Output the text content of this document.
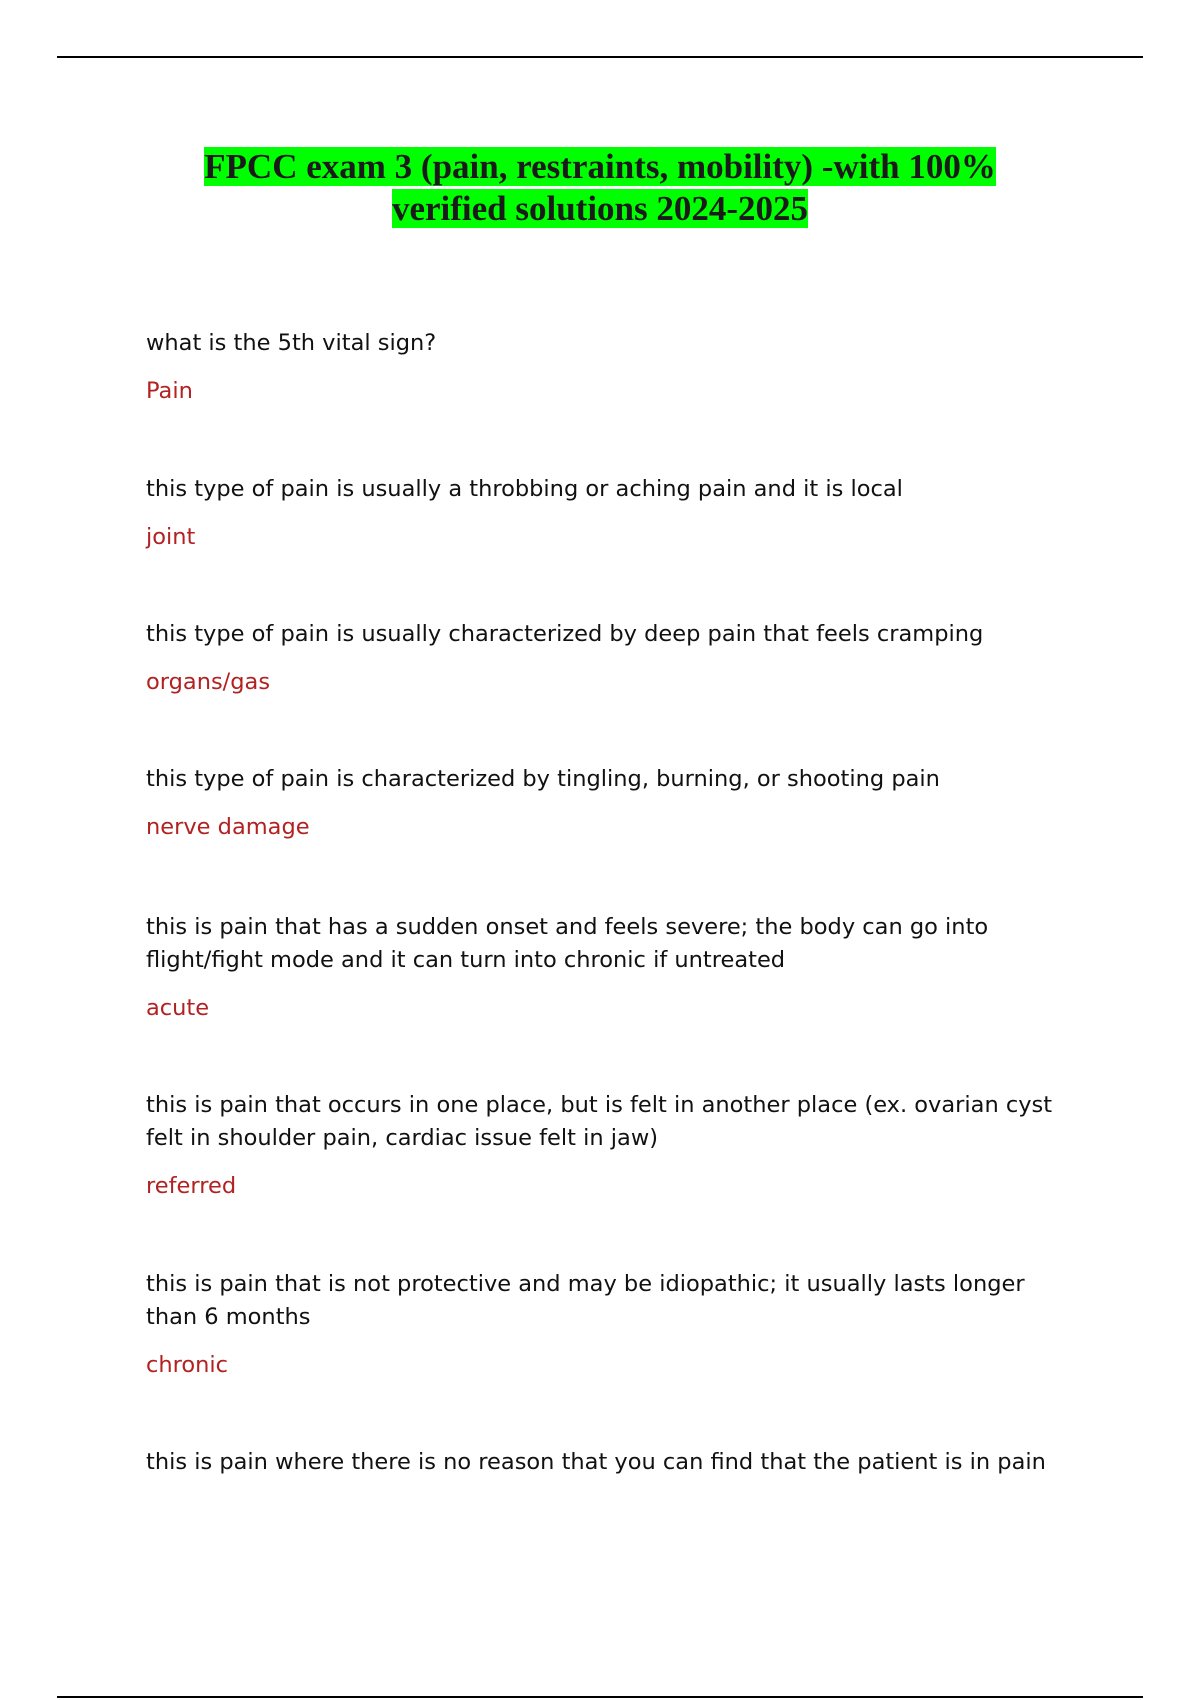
FPCC exam 3 (pain, restraints, mobility) -with 100%
verified solutions 2024-2025

what is the 5th vital sign?

Pain

this type of pain is usually a throbbing or aching pain and it is local

joint

this type of pain is usually characterized by deep pain that feels cramping

organs/gas

this type of pain is characterized by tingling, burning, or shooting pain

nerve damage

this is pain that has a sudden onset and feels severe; the body can go into flight/fight mode and it can turn into chronic if untreated

acute

this is pain that occurs in one place, but is felt in another place (ex. ovarian cyst felt in shoulder pain, cardiac issue felt in jaw)

referred

this is pain that is not protective and may be idiopathic; it usually lasts longer than 6 months

chronic

this is pain where there is no reason that you can find that the patient is in pain
